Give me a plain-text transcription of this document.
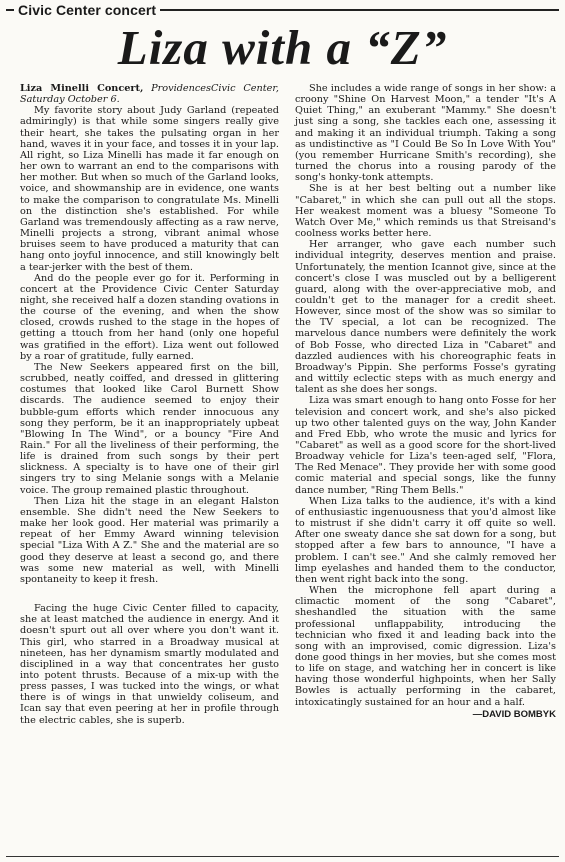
Civic Center concert
Liza with a “Z”

Liza Minelli Concert, ProvidencesCivic Center, Saturday October 6.

My favorite story about Judy Garland (repeated admiringly) is that while some singers really give their heart, she takes the pulsating organ in her hand, waves it in your face, and tosses it in your lap. All right, so Liza Minelli has made it far enough on her own to warrant an end to the comparisons with her mother. But when so much of the Garland looks, voice, and showmanship are in evidence, one wants to make the comparison to congratulate Ms. Minelli on the distinction she's established. For while Garland was tremendously affecting as a raw nerve, Minelli projects a strong, vibrant animal whose bruises seem to have produced a maturity that can hang onto joyful innocence, and still knowingly belt a tear-jerker with the best of them.

And do the people ever go for it. Performing in concert at the Providence Civic Center Saturday night, she received half a dozen standing ovations in the course of the evening, and when the show closed, crowds rushed to the stage in the hopes of getting a ttouch from her hand (only one hopeful was gratified in the effort). Liza went out followed by a roar of gratitude, fully earned.

The New Seekers appeared first on the bill, scrubbed, neatly coiffed, and dressed in glittering costumes that looked like Carol Burnett Show discards. The audience seemed to enjoy their bubble-gum efforts which render innocuous any song they perform, be it an inappropriately upbeat "Blowing In The Wind", or a bouncy "Fire And Rain." For all the liveliness of their performing, the life is drained from such songs by their pert slickness. A specialty is to have one of their girl singers try to sing Melanie songs with a Melanie voice. The group remained plastic throughout.

Then Liza hit the stage in an elegant Halston ensemble. She didn't need the New Seekers to make her look good. Her material was primarily a repeat of her Emmy Award winning television special "Liza With A Z." She and the material are so good they deserve at least a second go, and there was some new material as well, with Minelli spontaneity to keep it fresh.

Facing the huge Civic Center filled to capacity, she at least matched the audience in energy. And it doesn't spurt out all over where you don't want it. This girl, who starred in a Broadway musical at nineteen, has her dynamism smartly modulated and disciplined in a way that concentrates her gusto into potent thrusts. Because of a mix-up with the press passes, I was tucked into the wings, or what there is of wings in that unwieldy coliseum, and Ican say that even peering at her in profile through the electric cables, she is superb.

She includes a wide range of songs in her show: a croony "Shine On Harvest Moon," a tender "It's A Quiet Thing," an exuberant "Mammy." She doesn't just sing a song, she tackles each one, assessing it and making it an individual triumph. Taking a song as undistinctive as "I Could Be So In Love With You" (you remember Hurricane Smith's recording), she turned the chorus into a rousing parody of the song's honky-tonk attempts.

She is at her best belting out a number like "Cabaret," in which she can pull out all the stops. Her weakest moment was a bluesy "Someone To Watch Over Me," which reminds us that Streisand's coolness works better here.

Her arranger, who gave each number such individual integrity, deserves mention and praise. Unfortunately, the mention Icannot give, since at the concert's close I was muscled out by a belligerent guard, along with the over-appreciative mob, and couldn't get to the manager for a credit sheet. However, since most of the show was so similar to the TV special, a lot can be recognized. The marvelous dance numbers were definitely the work of Bob Fosse, who directed Liza in "Cabaret" and dazzled audiences with his choreographic feats in Broadway's Pippin. She performs Fosse's gyrating and wittily eclectic steps with as much energy and talent as she does her songs.

Liza was smart enough to hang onto Fosse for her television and concert work, and she's also picked up two other talented guys on the way, John Kander and Fred Ebb, who wrote the music and lyrics for "Cabaret" as well as a good score for the short-lived Broadway vehicle for Liza's teen-aged self, "Flora, The Red Menace". They provide her with some good comic material and special songs, like the funny dance number, "Ring Them Bells."

When Liza talks to the audience, it's with a kind of enthusiastic ingenuousness that you'd almost like to mistrust if she didn't carry it off quite so well. After one sweaty dance she sat down for a song, but stopped after a few bars to announce, "I have a problem. I can't see." And she calmly removed her limp eyelashes and handed them to the conductor, then went right back into the song.

When the microphone fell apart during a climactic moment of the song "Cabaret", sheshandled the situation with the same professional unflappability, introducing the technician who fixed it and leading back into the song with an improvised, comic digression. Liza's done good things in her movies, but she comes most to life on stage, and watching her in concert is like having those wonderful highpoints, when her Sally Bowles is actually performing in the cabaret, intoxicatingly sustained for an hour and a half.

—DAVID BOMBYK
